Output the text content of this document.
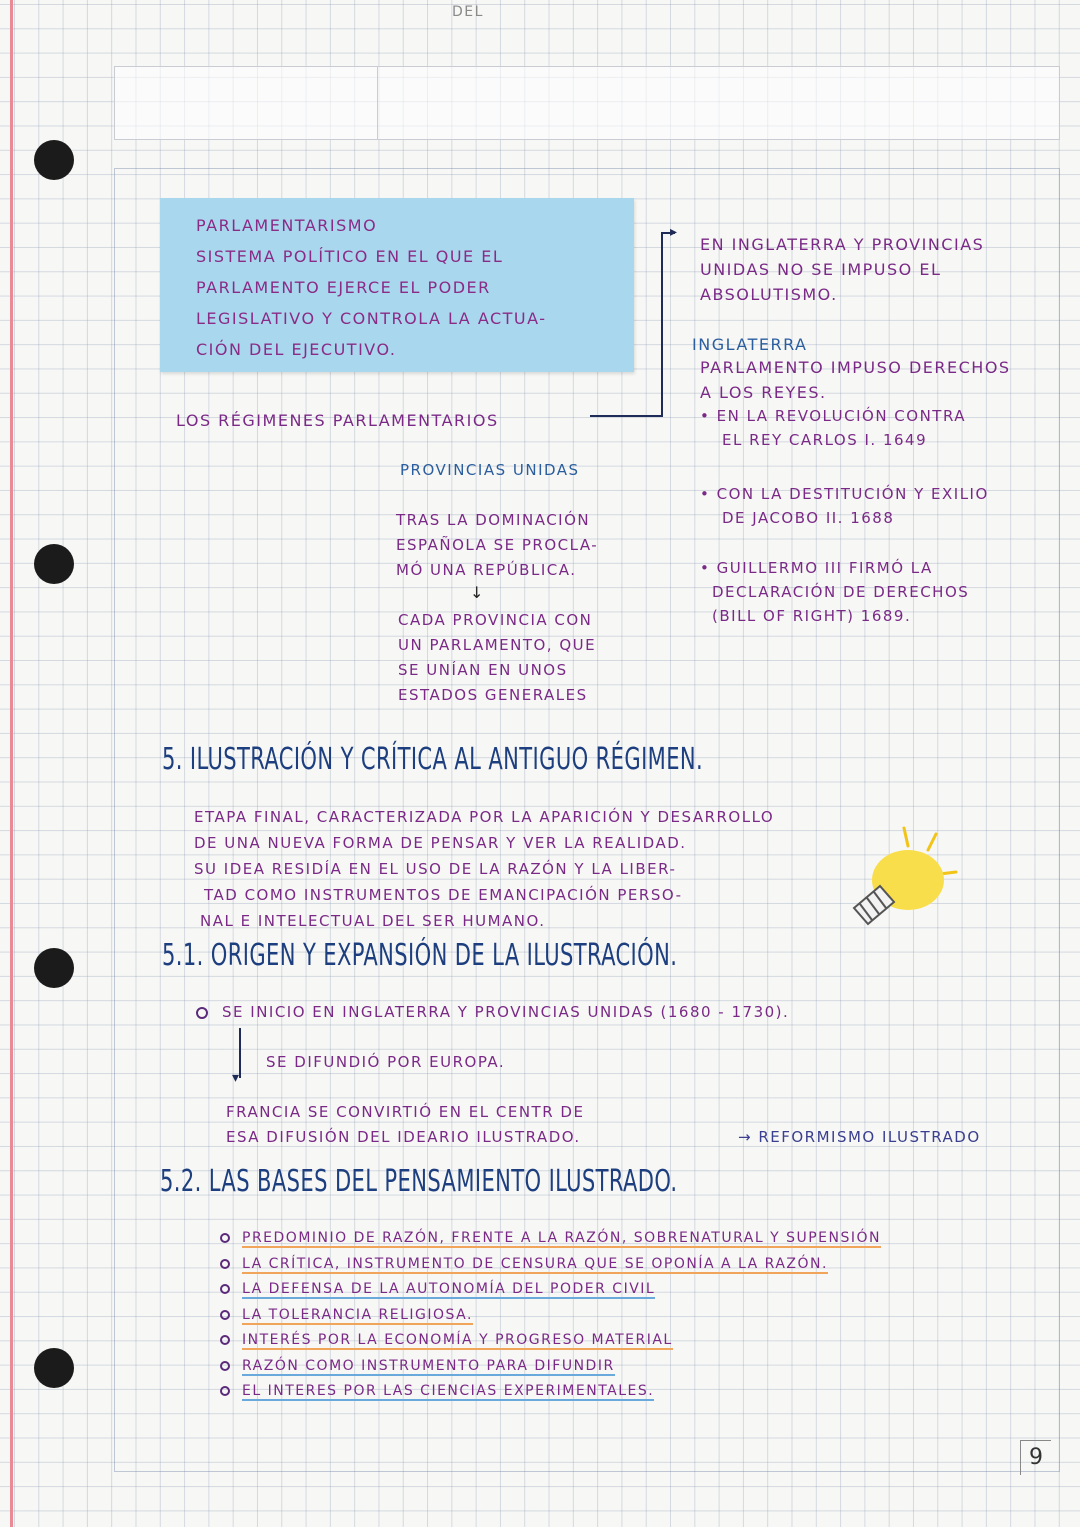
DEL
PARLAMENTARISMO
SISTEMA POLÍTICO EN EL QUE EL
PARLAMENTO EJERCE EL PODER
LEGISLATIVO Y CONTROLA LA ACTUA-
CIÓN DEL EJECUTIVO.
LOS RÉGIMENES PARLAMENTARIOS
▸
EN INGLATERRA Y PROVINCIAS
UNIDAS NO SE IMPUSO EL
ABSOLUTISMO.
INGLATERRA
PARLAMENTO IMPUSO DERECHOS
A LOS REYES.
• EN LA REVOLUCIÓN CONTRA
EL REY CARLOS I. 1649
• CON LA DESTITUCIÓN Y EXILIO
DE JACOBO II. 1688
• GUILLERMO III FIRMÓ LA
DECLARACIÓN DE DERECHOS
(BILL OF RIGHT) 1689.
PROVINCIAS UNIDAS
TRAS LA DOMINACIÓN
ESPAÑOLA SE PROCLA-
MÓ UNA REPÚBLICA.
↓
CADA PROVINCIA CON
UN PARLAMENTO, QUE
SE UNÍAN EN UNOS
ESTADOS GENERALES
5. ILUSTRACIÓN Y CRÍTICA AL ANTIGUO RÉGIMEN.
ETAPA FINAL, CARACTERIZADA POR LA APARICIÓN Y DESARROLLO
DE UNA NUEVA FORMA DE PENSAR Y VER LA REALIDAD.
SU IDEA RESIDÍA EN EL USO DE LA RAZÓN Y LA LIBER-
TAD COMO INSTRUMENTOS DE EMANCIPACIÓN PERSO-
NAL E INTELECTUAL DEL SER HUMANO.
5.1. ORIGEN Y EXPANSIÓN DE LA ILUSTRACIÓN.
SE INICIO EN INGLATERRA Y PROVINCIAS UNIDAS (1680 - 1730).
▾
SE DIFUNDIÓ POR EUROPA.
FRANCIA SE CONVIRTIÓ EN EL CENTR DE
ESA DIFUSIÓN DEL IDEARIO ILUSTRADO.	→ REFORMISMO ILUSTRADO
5.2. LAS BASES DEL PENSAMIENTO ILUSTRADO.
PREDOMINIO DE RAZÓN, FRENTE A LA RAZÓN, SOBRENATURAL Y SUPENSIÓN
LA CRÍTICA, INSTRUMENTO DE CENSURA QUE SE OPONÍA A LA RAZÓN.
LA DEFENSA DE LA AUTONOMÍA DEL PODER CIVIL
LA TOLERANCIA RELIGIOSA.
INTERÉS POR LA ECONOMÍA Y PROGRESO MATERIAL
RAZÓN COMO INSTRUMENTO PARA DIFUNDIR
EL INTERES POR LAS CIENCIAS EXPERIMENTALES.
9
